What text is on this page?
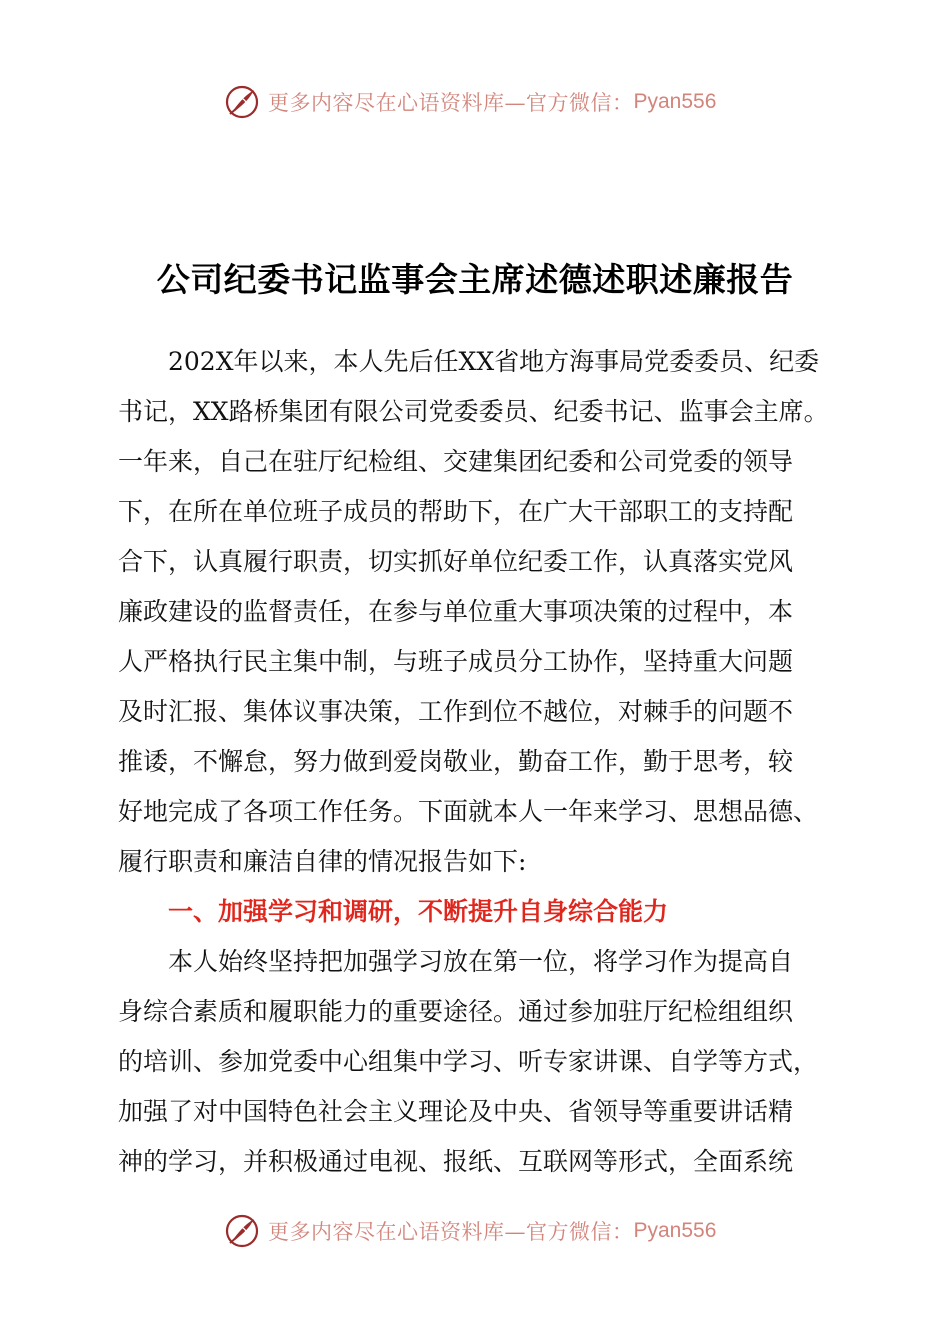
更多内容尽在心语资料库—官方微信： Pyan556
公司纪委书记监事会主席述德述职述廉报告
202X年以来，本人先后任XX省地方海事局党委委员、纪委
书记，XX路桥集团有限公司党委委员、纪委书记、监事会主席。
一年来，自己在驻厅纪检组、交建集团纪委和公司党委的领导
下，在所在单位班子成员的帮助下，在广大干部职工的支持配
合下，认真履行职责，切实抓好单位纪委工作，认真落实党风
廉政建设的监督责任，在参与单位重大事项决策的过程中，本
人严格执行民主集中制，与班子成员分工协作，坚持重大问题
及时汇报、集体议事决策，工作到位不越位，对棘手的问题不
推诿，不懈怠，努力做到爱岗敬业，勤奋工作，勤于思考，较
好地完成了各项工作任务。下面就本人一年来学习、思想品德、
履行职责和廉洁自律的情况报告如下:
一、加强学习和调研，不断提升自身综合能力
本人始终坚持把加强学习放在第一位，将学习作为提高自
身综合素质和履职能力的重要途径。通过参加驻厅纪检组组织
的培训、参加党委中心组集中学习、听专家讲课、自学等方式，
加强了对中国特色社会主义理论及中央、省领导等重要讲话精
神的学习，并积极通过电视、报纸、互联网等形式，全面系统
更多内容尽在心语资料库—官方微信： Pyan556
